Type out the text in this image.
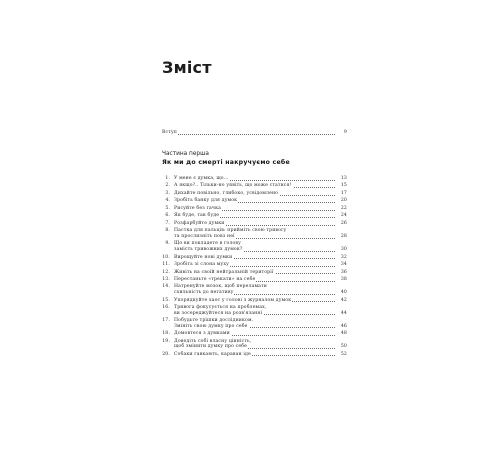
Зміст
Вступ	9
Частина перша
Як ми до смерті накручуємо себе
1. У мене є думка, що...	13
2. А якщо?.. Тільки-но уявіть, що може статися!	15
3. Дихайте повільно, глибоко, усвідомлено	17
4. Зробіть банку для думок	20
5. Рисуйте без гачка	22
6. Як буде, так буде	24
7. Розфарбуйте думки	26
8. Пастка для пальців: прийміть свою тривогу
та прослизніть повз неї	28
9. Що ви покладете в голову
замість тривожних думок?	30
10. Вирощуйте нові думки	32
11. Зробіть зі слона муху	34
12. Живіть на своїй нейтральній території	36
13. Перестаньте «трекати» на себе	38
14. Натренуйте мозок, щоб переламати
схильність до негативу	40
15. Упорядкуйте хаос у голові з журналом думок	42
16. Тривога фокусується на проблемах,
ви зосереджуйтеся на розв'язанні	44
17. Побудьте трішки дослідником.
Змініть свою думку про себе	46
18. Домовтеся з думками	48
19. Доведіть собі власну цінність,
щоб змінити думку про себе	50
20. Собаки гавкають, караван іде	52
